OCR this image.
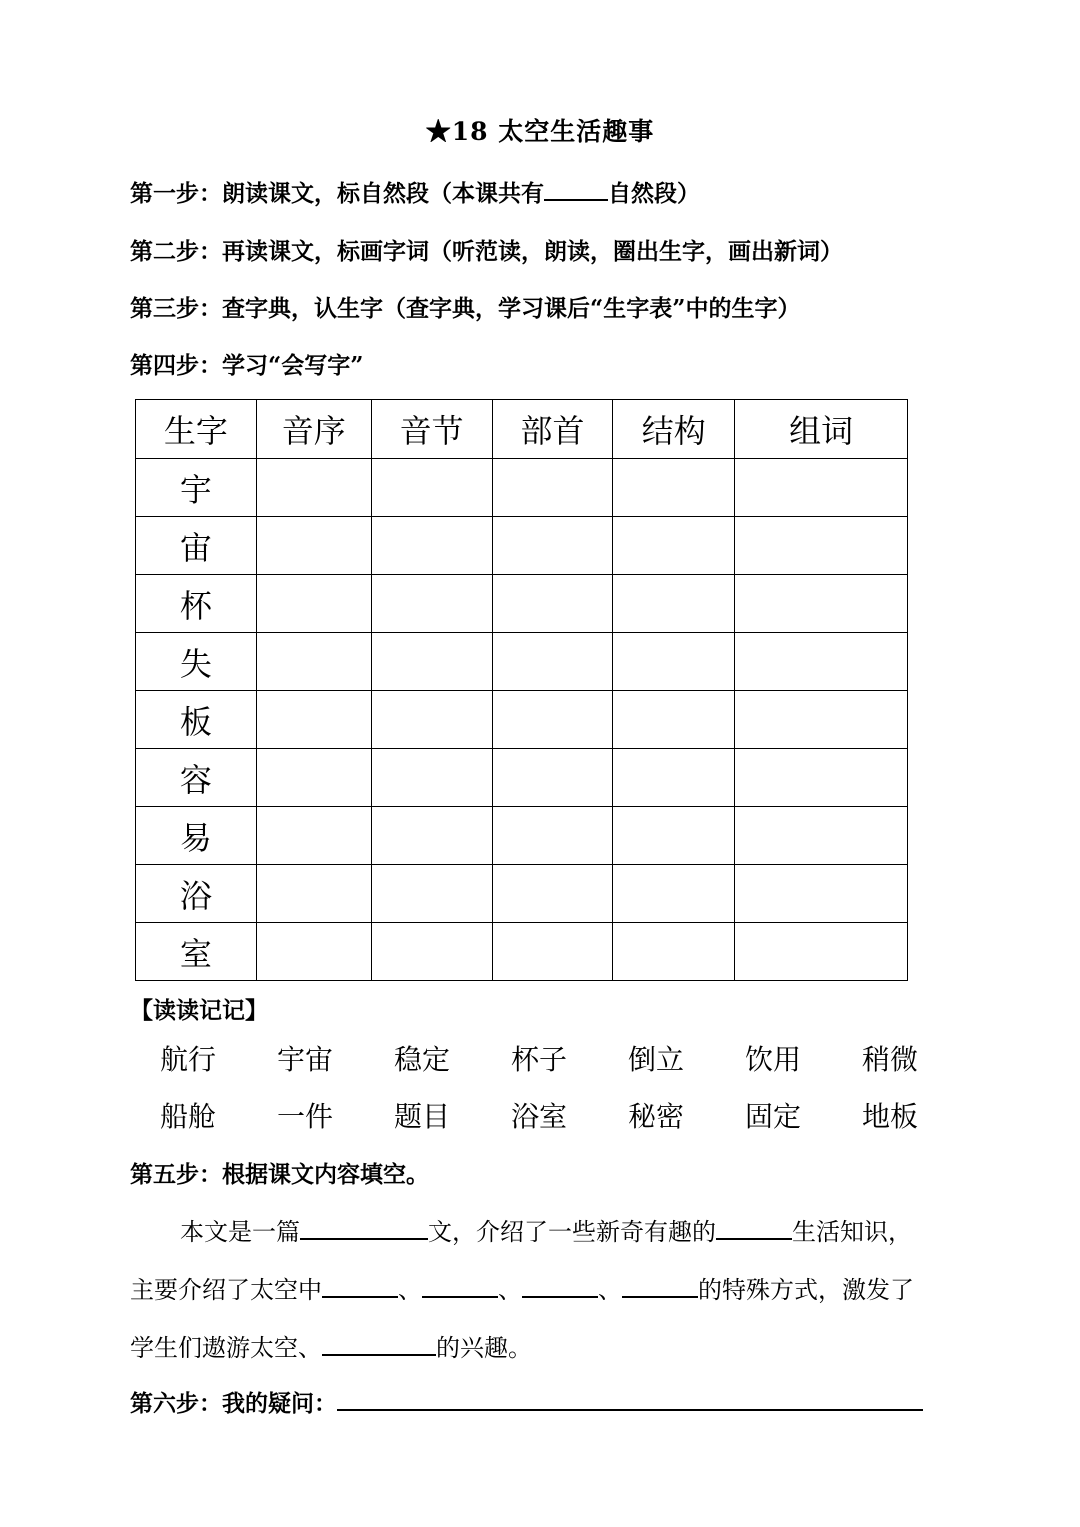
★18 太空生活趣事
第一步：朗读课文，标自然段（本课共有	自然段）
第二步：再读课文，标画字词（听范读，朗读，圈出生字，画出新词）
第三步：查字典，认生字（查字典，学习课后“生字表”中的生字）
第四步：学习“会写字”
生字	音序	音节	部首	结构	组词
宇					
宙					
杯					
失					
板					
容					
易					
浴					
室					
【读读记记】
航行 宇宙 稳定 杯子 倒立 饮用 稍微
船舱 一件 题目 浴室 秘密 固定 地板
第五步：根据课文内容填空。
本文是一篇	文，介绍了一些新奇有趣的	生活知识，
主要介绍了太空中	、	、	、	的特殊方式，激发了
学生们遨游太空、	的兴趣。
第六步：我的疑问：
